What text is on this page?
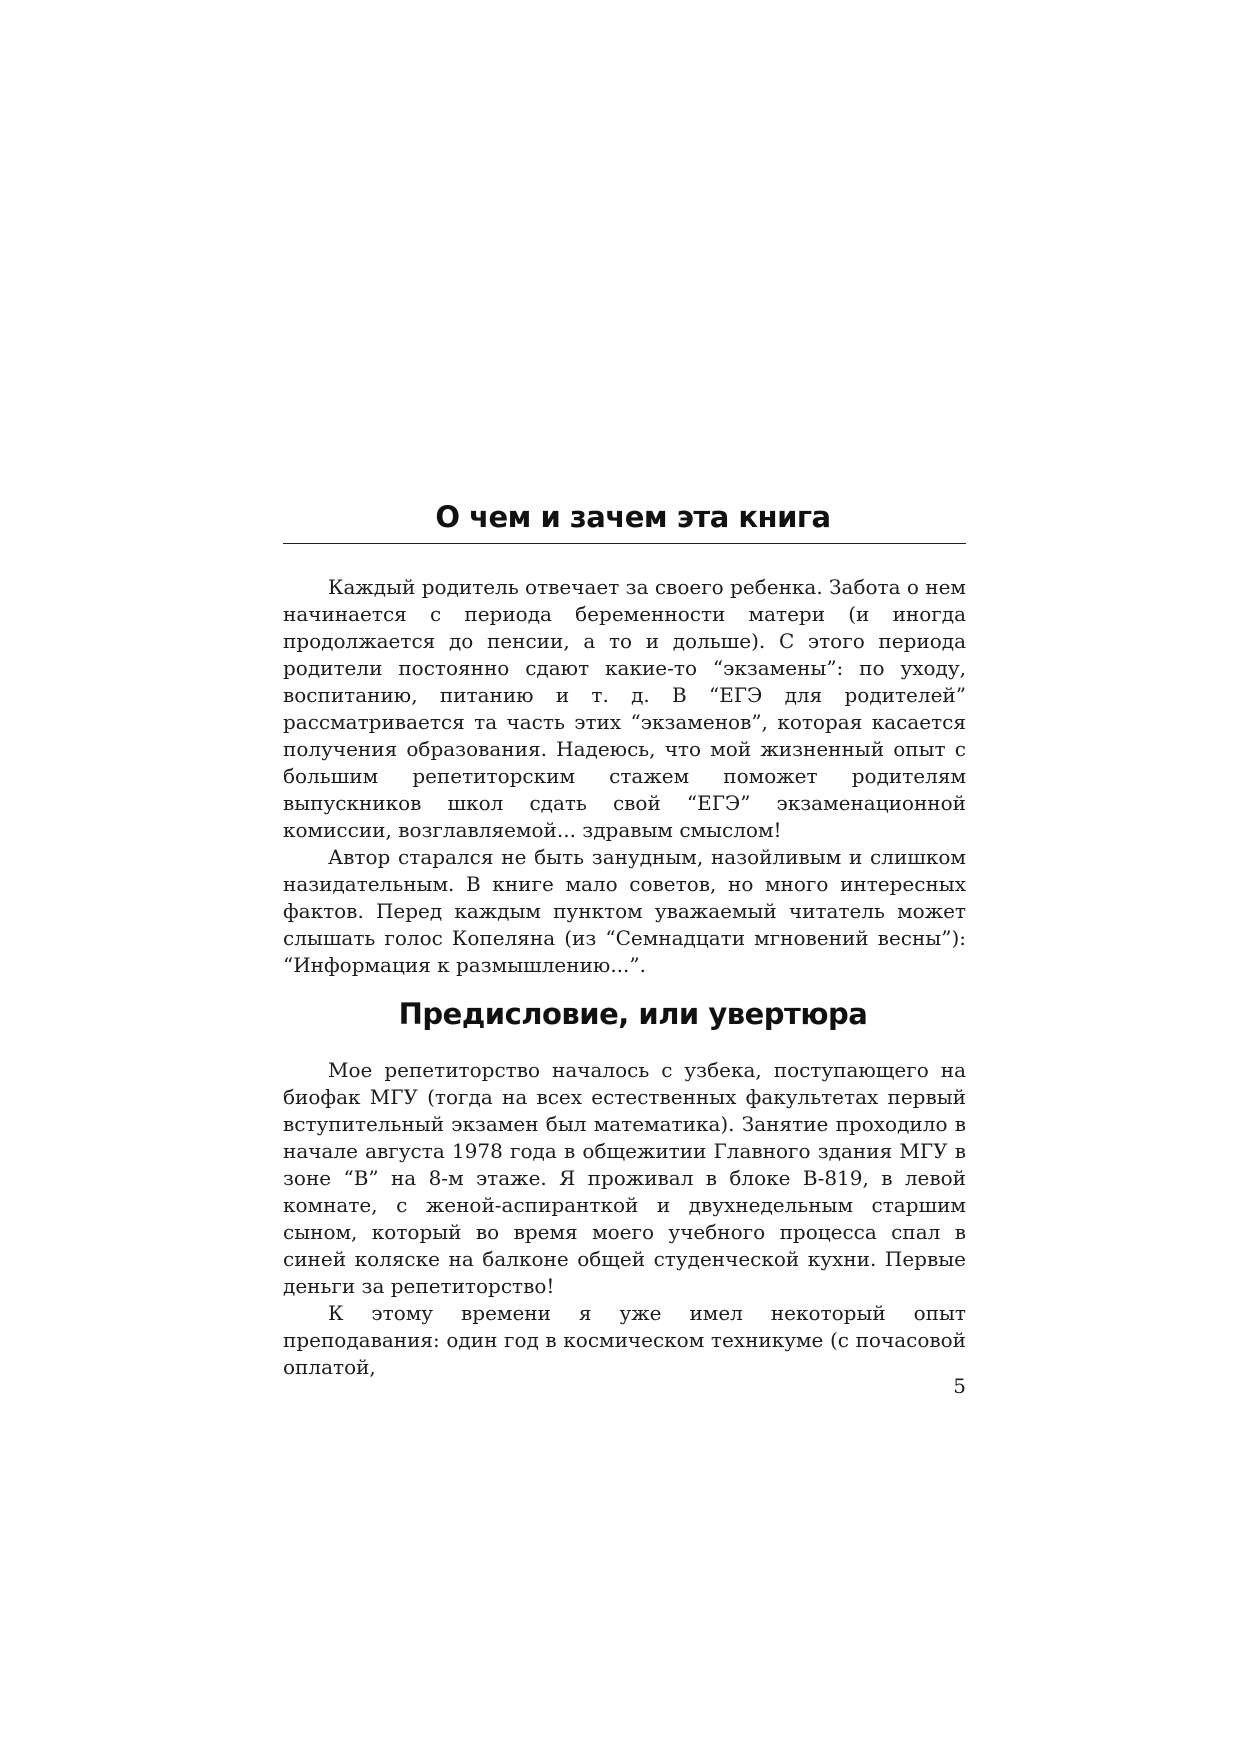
О чем и зачем эта книга

Каждый родитель отвечает за своего ребенка. Забота о нем начинается с периода беременности матери (и иногда продолжается до пенсии, а то и дольше). С этого периода родители постоянно сдают какие-то “экзамены”: по уходу, воспитанию, питанию и т. д. В “ЕГЭ для родителей” рассматривается та часть этих “экзаменов”, которая касается получения образования. Надеюсь, что мой жизненный опыт с большим репетиторским стажем поможет родителям выпускников школ сдать свой “ЕГЭ” экзаменационной комиссии, возглавляемой... здравым смыслом!

Автор старался не быть занудным, назойливым и слишком назидательным. В книге мало советов, но много интересных фактов. Перед каждым пунктом уважаемый читатель может слышать голос Копеляна (из “Семнадцати мгновений весны”): “Информация к размышлению...”.

Предисловие, или увертюра

Мое репетиторство началось с узбека, поступающего на биофак МГУ (тогда на всех естественных факультетах первый вступительный экзамен был математика). Занятие проходило в начале августа 1978 года в общежитии Главного здания МГУ в зоне “В” на 8-м этаже. Я проживал в блоке В-819, в левой комнате, с женой-аспиранткой и двухнедельным старшим сыном, который во время моего учебного процесса спал в синей коляске на балконе общей студенческой кухни. Первые деньги за репетиторство!

К этому времени я уже имел некоторый опыт преподавания: один год в космическом техникуме (с почасовой оплатой,

5
